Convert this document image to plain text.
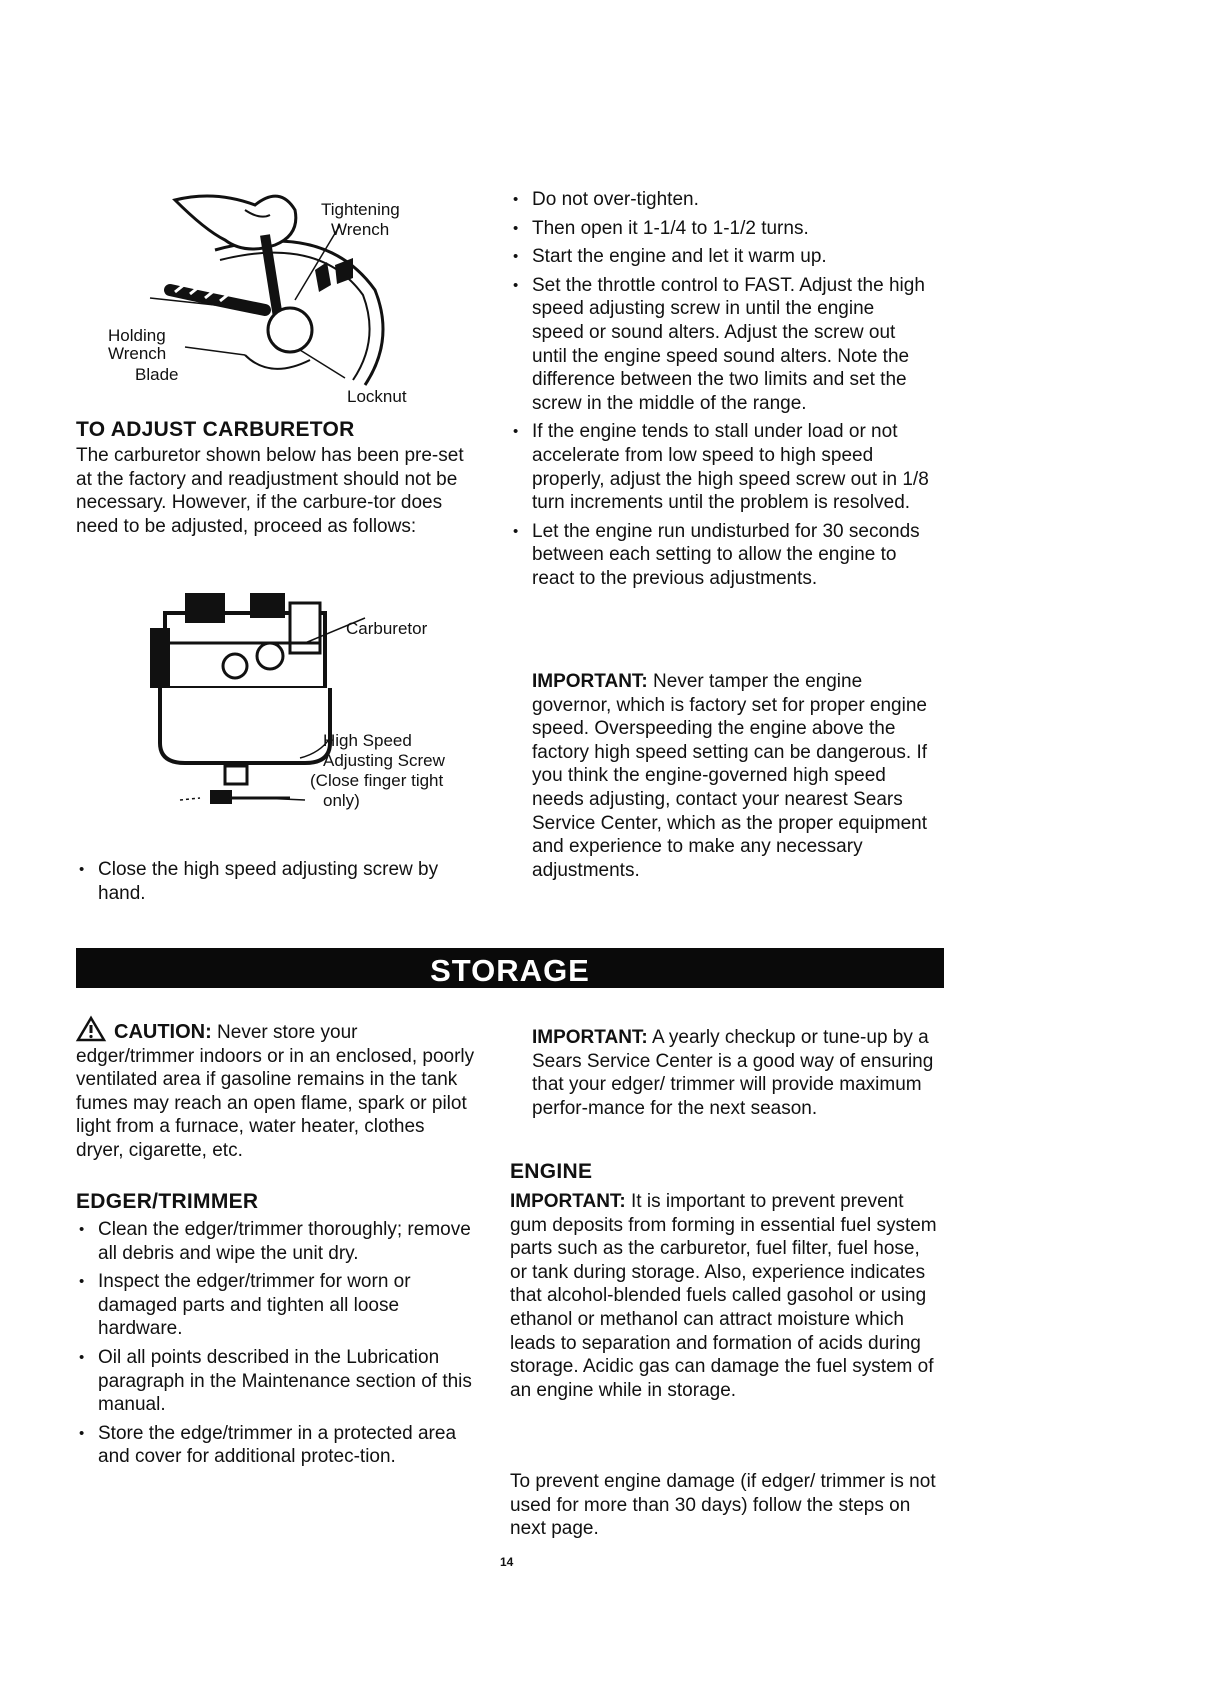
Tightening
Wrench
Holding
Wrench
Blade
Locknut
TO ADJUST CARBURETOR
The carburetor shown below has been pre-set at the factory and readjustment should not be necessary. However, if the carbure-tor does need to be adjusted, proceed as follows:
Carburetor
High Speed
Adjusting Screw
(Close finger tight
only)
• Close the high speed adjusting screw by hand.
• Do not over-tighten.
• Then open it 1-1/4 to 1-1/2 turns.
• Start the engine and let it warm up.
• Set the throttle control to FAST. Adjust the high speed adjusting screw in until the engine speed or sound alters. Adjust the screw out until the engine speed sound alters. Note the difference between the two limits and set the screw in the middle of the range.
• If the engine tends to stall under load or not accelerate from low speed to high speed properly, adjust the high speed screw out in 1/8 turn increments until the problem is resolved.
• Let the engine run undisturbed for 30 seconds between each setting to allow the engine to react to the previous adjustments.
IMPORTANT: Never tamper the engine governor, which is factory set for proper engine speed. Overspeeding the engine above the factory high speed setting can be dangerous. If you think the engine-governed high speed needs adjusting, contact your nearest Sears Service Center, which as the proper equipment and experience to make any necessary adjustments.
STORAGE
CAUTION: Never store your edger/trimmer indoors or in an enclosed, poorly ventilated area if gasoline remains in the tank fumes may reach an open flame, spark or pilot light from a furnace, water heater, clothes dryer, cigarette, etc.
EDGER/TRIMMER
• Clean the edger/trimmer thoroughly; remove all debris and wipe the unit dry.
• Inspect the edger/trimmer for worn or damaged parts and tighten all loose hardware.
• Oil all points described in the Lubrication paragraph in the Maintenance section of this manual.
• Store the edge/trimmer in a protected area and cover for additional protec-tion.
IMPORTANT: A yearly checkup or tune-up by a Sears Service Center is a good way of ensuring that your edger/ trimmer will provide maximum perfor-mance for the next season.
ENGINE
IMPORTANT: It is important to prevent prevent gum deposits from forming in essential fuel system parts such as the carburetor, fuel filter, fuel hose, or tank during storage. Also, experience indicates that alcohol-blended fuels called gasohol or using ethanol or methanol can attract moisture which leads to separation and formation of acids during storage. Acidic gas can damage the fuel system of an engine while in storage.
To prevent engine damage (if edger/ trimmer is not used for more than 30 days) follow the steps on next page.
14
